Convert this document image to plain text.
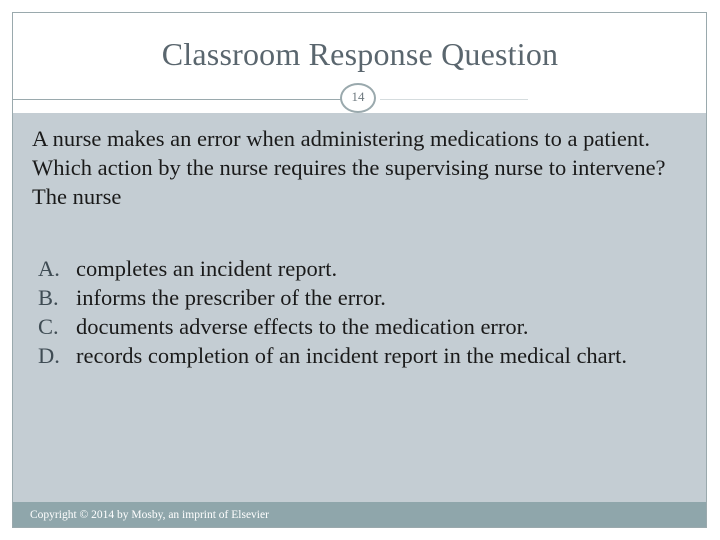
Classroom Response Question
14
A nurse makes an error when administering medications to a patient. Which action by the nurse requires the supervising nurse to intervene? The nurse
A. completes an incident report.
B. informs the prescriber of the error.
C. documents adverse effects to the medication error.
D. records completion of an incident report in the medical chart.
Copyright © 2014 by Mosby, an imprint of Elsevier
